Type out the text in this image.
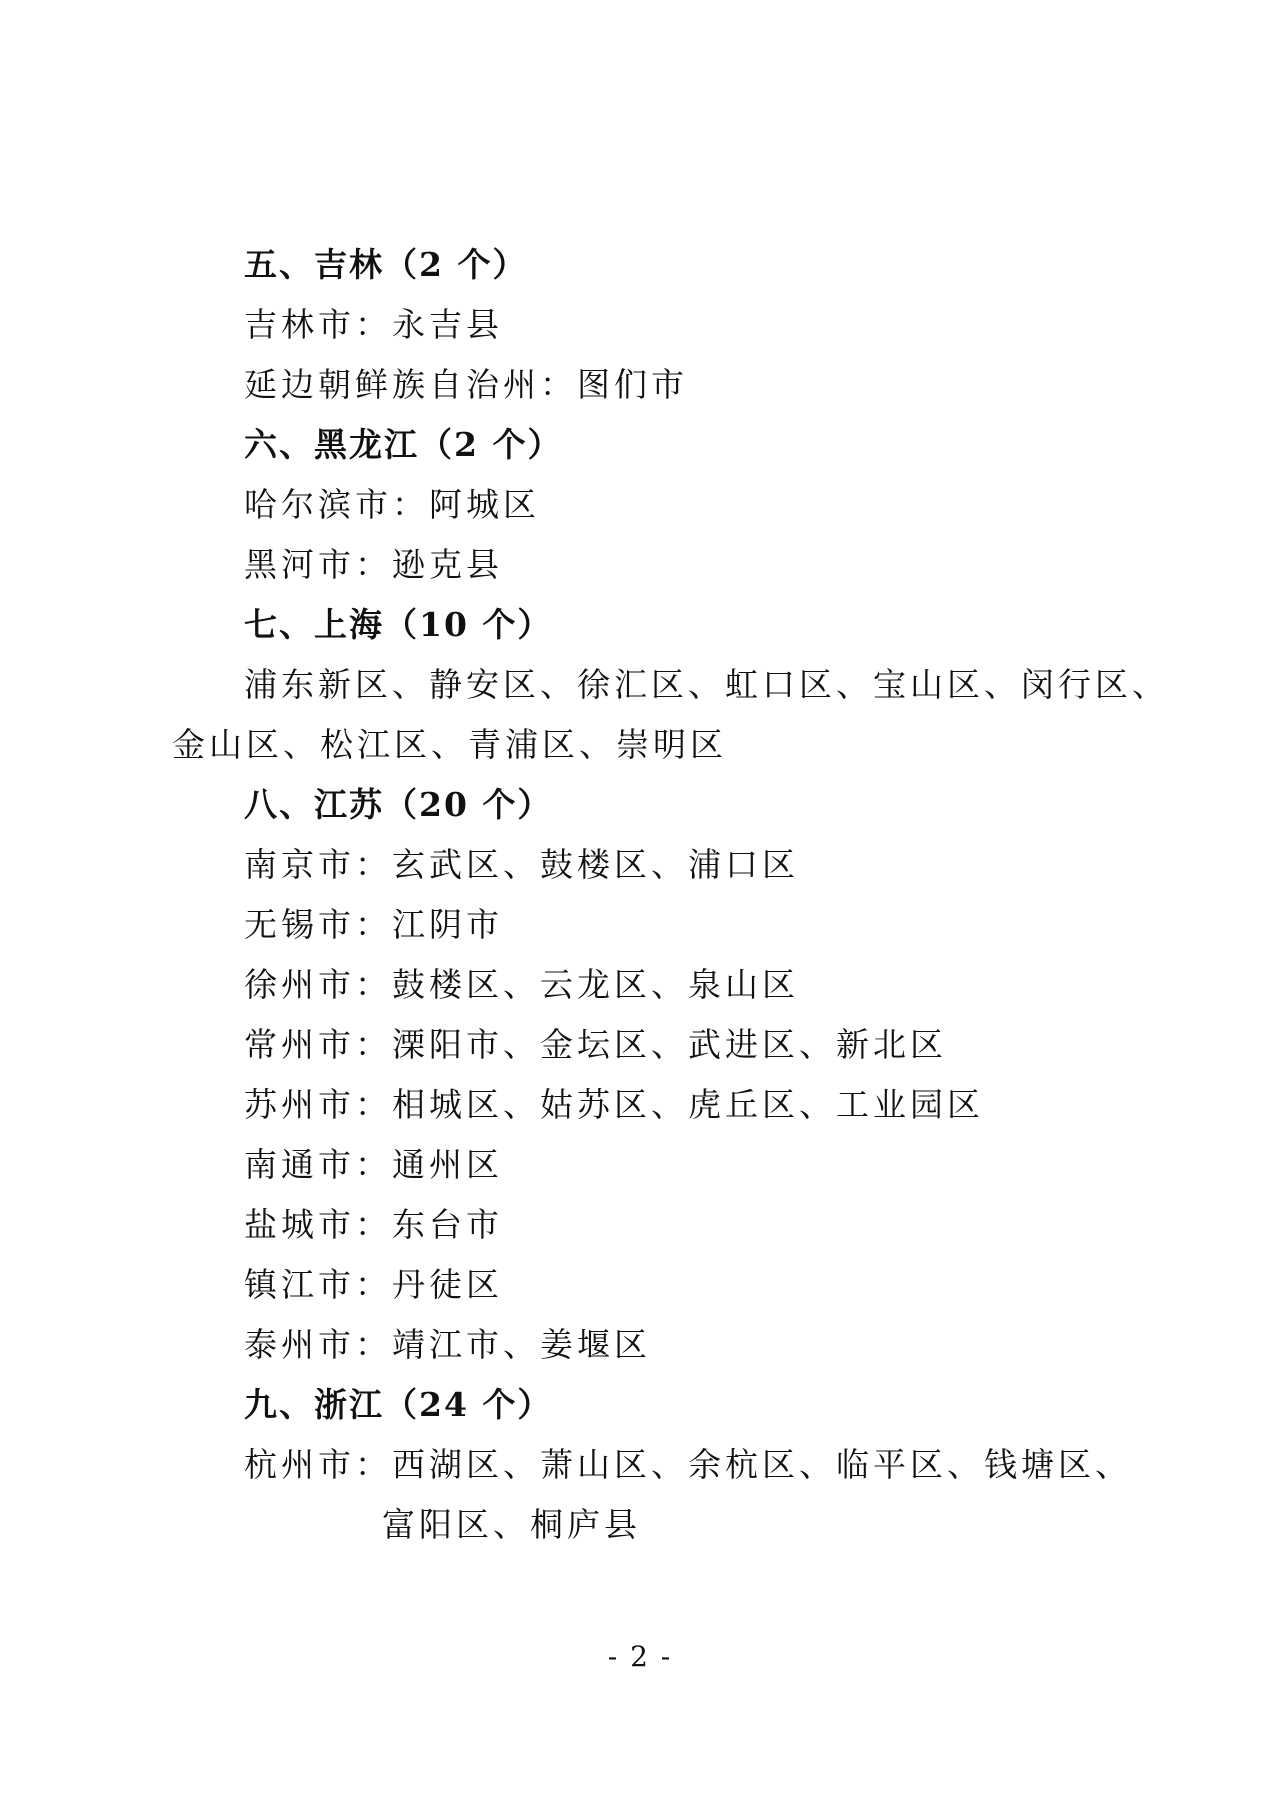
五、吉林（2 个）
吉林市：永吉县
延边朝鲜族自治州：图们市
六、黑龙江（2 个）
哈尔滨市：阿城区
黑河市：逊克县
七、上海（10 个）
浦东新区、静安区、徐汇区、虹口区、宝山区、闵行区、
金山区、松江区、青浦区、崇明区
八、江苏（20 个）
南京市：玄武区、鼓楼区、浦口区
无锡市：江阴市
徐州市：鼓楼区、云龙区、泉山区
常州市：溧阳市、金坛区、武进区、新北区
苏州市：相城区、姑苏区、虎丘区、工业园区
南通市：通州区
盐城市：东台市
镇江市：丹徒区
泰州市：靖江市、姜堰区
九、浙江（24 个）
杭州市：西湖区、萧山区、余杭区、临平区、钱塘区、
富阳区、桐庐县
- 2 -
